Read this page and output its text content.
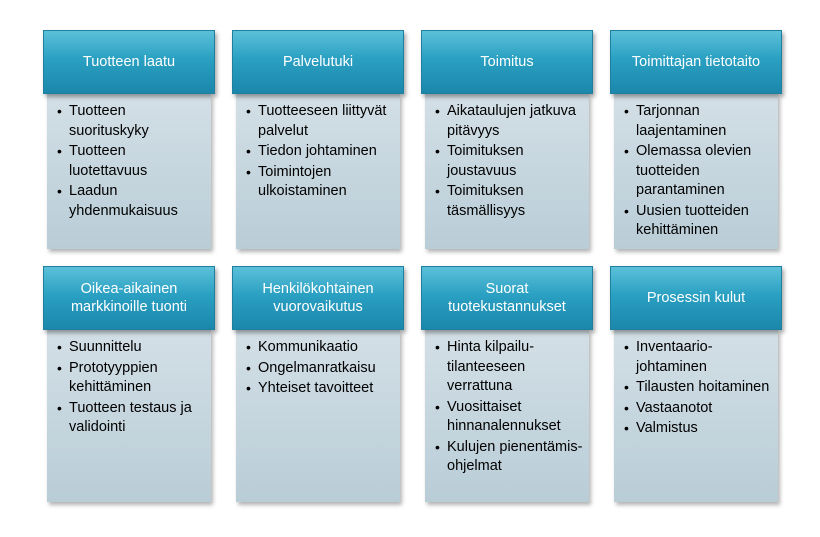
Tuotteen laatu
• Tuotteen suorituskyky
• Tuotteen luotettavuus
• Laadun yhdenmukaisuus
Palvelutuki
• Tuotteeseen liittyvät palvelut
• Tiedon johtaminen
• Toimintojen ulkoistaminen
Toimitus
• Aikataulujen jatkuva pitävyys
• Toimituksen joustavuus
• Toimituksen täsmällisyys
Toimittajan tietotaito
• Tarjonnan laajentaminen
• Olemassa olevien tuotteiden parantaminen
• Uusien tuotteiden kehittäminen
Oikea-aikainen markkinoille tuonti
• Suunnittelu
• Prototyyppien kehittäminen
• Tuotteen testaus ja validointi
Henkilökohtainen vuorovaikutus
• Kommunikaatio
• Ongelmanratkaisu
• Yhteiset tavoitteet
Suorat tuotekustannukset
• Hinta kilpailu-tilanteeseen verrattuna
• Vuosittaiset hinnanalennukset
• Kulujen pienentämis-ohjelmat
Prosessin kulut
• Inventaario-johtaminen
• Tilausten hoitaminen
• Vastaanotot
• Valmistus
